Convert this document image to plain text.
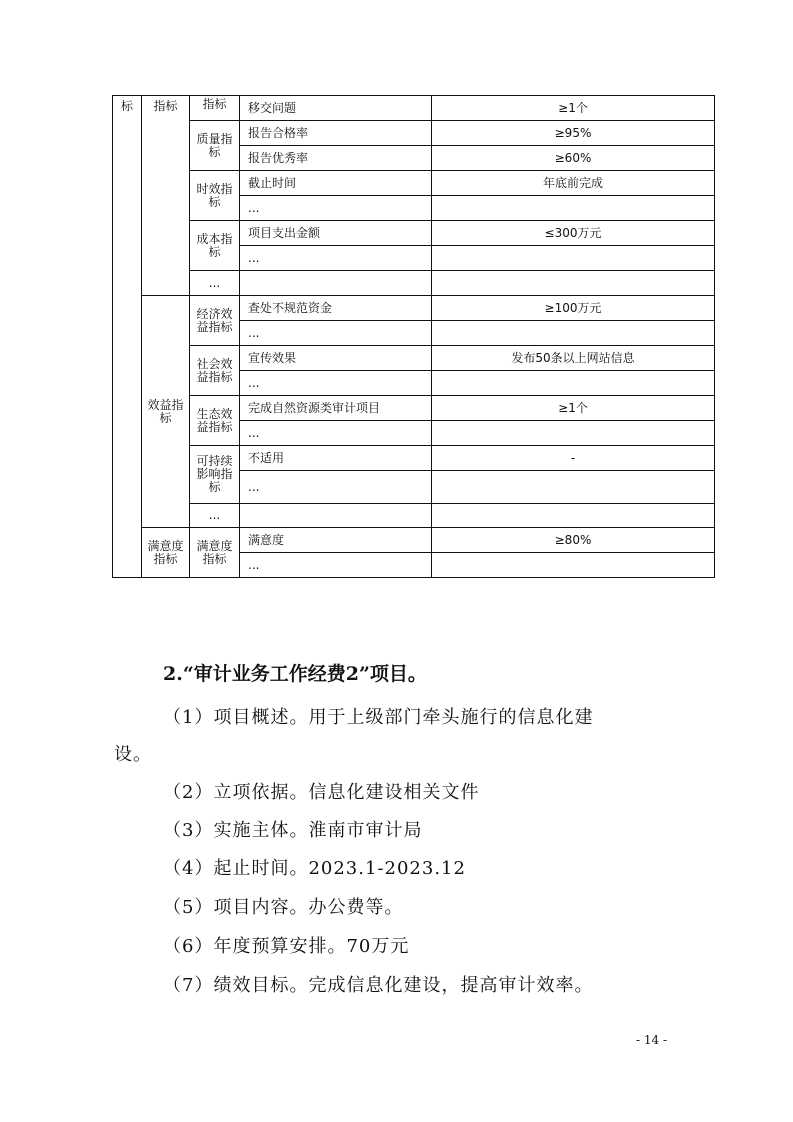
标	指标	指标	移交问题	≥1个
		质量指标	报告合格率	≥95%
			报告优秀率	≥60%
		时效指标	截止时间	年底前完成
			...	
		成本指标	项目支出金额	≤300万元
			...	
		...		
	效益指标	经济效益指标	查处不规范资金	≥100万元
			...	
		社会效益指标	宣传效果	发布50条以上网站信息
			...	
		生态效益指标	完成自然资源类审计项目	≥1个
			...	
		可持续影响指标	不适用	-
			...	
		...		
	满意度指标	满意度指标	满意度	≥80%
			...	
2.“审计业务工作经费2”项目。

（1）项目概述。用于上级部门牵头施行的信息化建

设。

（2）立项依据。信息化建设相关文件

（3）实施主体。淮南市审计局

（4）起止时间。2023.1-2023.12

（5）项目内容。办公费等。

（6）年度预算安排。70万元

（7）绩效目标。完成信息化建设，提高审计效率。

- 14 -
